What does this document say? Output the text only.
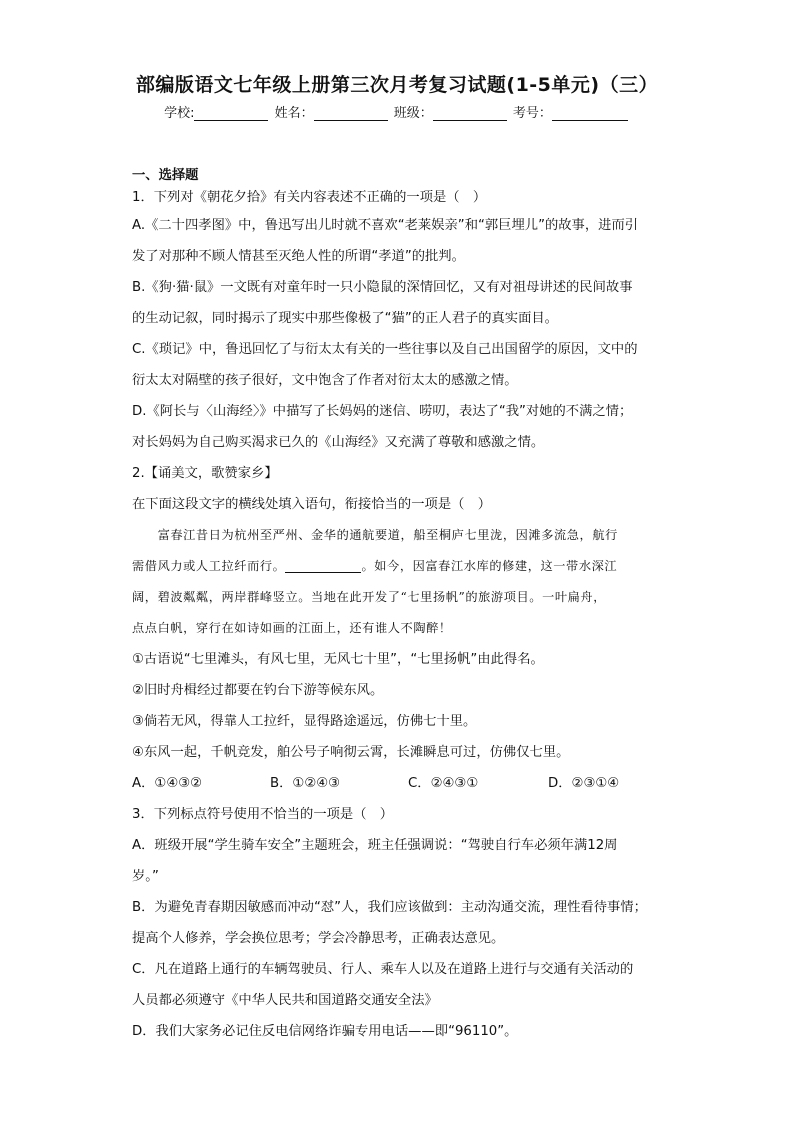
部编版语文七年级上册第三次月考复习试题(1-5单元)（三）
学校:	姓名：	班级：	考号：
一、选择题
1．下列对《朝花夕拾》有关内容表述不正确的一项是（　）
A.《二十四孝图》中，鲁迅写出儿时就不喜欢“老莱娱亲”和“郭巨埋儿”的故事，进而引
发了对那种不顾人情甚至灭绝人性的所谓“孝道”的批判。
B.《狗·猫·鼠》一文既有对童年时一只小隐鼠的深情回忆，又有对祖母讲述的民间故事
的生动记叙，同时揭示了现实中那些像极了“猫”的正人君子的真实面目。
C.《琐记》中，鲁迅回忆了与衍太太有关的一些往事以及自己出国留学的原因，文中的
衍太太对隔壁的孩子很好，文中饱含了作者对衍太太的感激之情。
D.《阿长与〈山海经〉》中描写了长妈妈的迷信、唠叨，表达了“我”对她的不满之情；
对长妈妈为自己购买渴求已久的《山海经》又充满了尊敬和感激之情。
2.【诵美文，歌赞家乡】
在下面这段文字的横线处填入语句，衔接恰当的一项是（　）
　　富春江昔日为杭州至严州、金华的通航要道，船至桐庐七里泷，因滩多流急，航行
需借风力或人工拉纤而行。	。如今，因富春江水库的修建，这一带水深江
阔，碧波粼粼，两岸群峰竖立。当地在此开发了“七里扬帆”的旅游项目。一叶扁舟，
点点白帆，穿行在如诗如画的江面上，还有谁人不陶醉！
①古语说“七里滩头，有风七里，无风七十里”，“七里扬帆”由此得名。
②旧时舟楫经过都要在钓台下游等候东风。
③倘若无风，得靠人工拉纤，显得路途遥远，仿佛七十里。
④东风一起，千帆竞发，舶公号子响彻云霄，长滩瞬息可过，仿佛仅七里。
A．①④③②	B．①②④③	C．②④③①	D．②③①④
3．下列标点符号使用不恰当的一项是（　）
A．班级开展“学生骑车安全”主题班会，班主任强调说：“驾驶自行车必须年满12周
岁。”
B．为避免青春期因敏感而冲动“怼”人，我们应该做到：主动沟通交流，理性看待事情；
提高个人修养，学会换位思考；学会冷静思考，正确表达意见。
C．凡在道路上通行的车辆驾驶员、行人、乘车人以及在道路上进行与交通有关活动的
人员都必须遵守《中华人民共和国道路交通安全法》
D．我们大家务必记住反电信网络诈骗专用电话——即“96110”。
